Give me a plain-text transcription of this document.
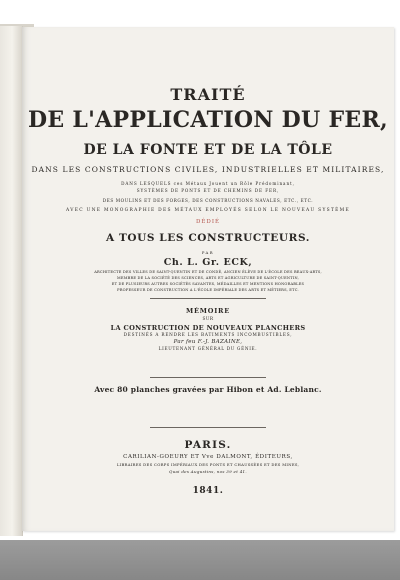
TRAITÉ
DE L'APPLICATION DU FER,
DE LA FONTE ET DE LA TÔLE
DANS LES CONSTRUCTIONS CIVILES, INDUSTRIELLES ET MILITAIRES,
DANS LESQUELS ces Métaux Jouent un Rôle Prédominant,
SYSTÈMES DE PONTS ET DE CHEMINS DE FER,
DES MOULINS ET DES FORGES, DES CONSTRUCTIONS NAVALES, ETC., ETC.
AVEC UNE MONOGRAPHIE DES MÉTAUX EMPLOYÉS SELON LE NOUVEAU SYSTÈME
DÉDIÉ
A TOUS LES CONSTRUCTEURS.
PAR
Ch. L. Gr. ECK,
ARCHITECTE DES VILLES DE SAINT-QUENTIN ET DE CONDÉ, ANCIEN ÉLÈVE DE L'ÉCOLE DES BEAUX-ARTS,
MEMBRE DE LA SOCIÉTÉ DES SCIENCES, ARTS ET AGRICULTURE DE SAINT-QUENTIN,
ET DE PLUSIEURS AUTRES SOCIÉTÉS SAVANTES, MÉDAILLES ET MENTIONS HONORABLES
PROFESSEUR DE CONSTRUCTION A L'ÉCOLE IMPÉRIALE DES ARTS ET MÉTIERS, ETC.
MÉMOIRE
SUR
LA CONSTRUCTION DE NOUVEAUX PLANCHERS
DESTINÉS A RENDRE LES BATIMENTS INCOMBUSTIBLES,
Par feu F.-J. BAZAINE,
LIEUTENANT GÉNÉRAL DU GÉNIE.
Avec 80 planches gravées par Hibon et Ad. Leblanc.
PARIS.
CARILIAN-GOEURY ET Vve DALMONT, ÉDITEURS,
LIBRAIRES DES CORPS IMPÉRIAUX DES PONTS ET CHAUSSÉES ET DES MINES,
Quai des Augustins, nos 39 et 41.
1841.
